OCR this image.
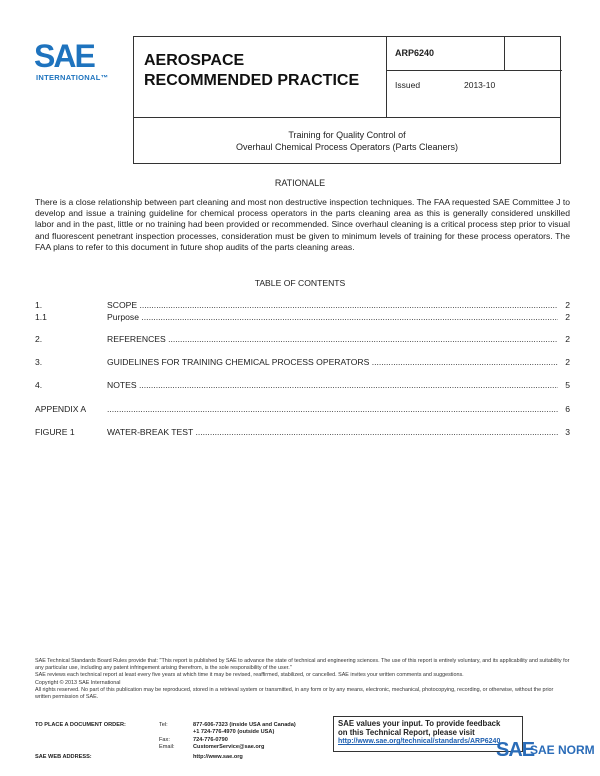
SAE
INTERNATIONAL™
AEROSPACE
RECOMMENDED PRACTICE
ARP6240
Issued	2013-10
Training for Quality Control of
Overhaul Chemical Process Operators (Parts Cleaners)
RATIONALE
There is a close relationship between part cleaning and most non destructive inspection techniques. The FAA requested SAE Committee J to develop and issue a training guideline for chemical process operators in the parts cleaning area as this is generally considered unskilled labor and in the past, little or no training had been provided or recommended. Since overhaul cleaning is a critical process step prior to visual and fluorescent penetrant inspection processes, consideration must be given to minimum levels of training for these process operators. The FAA plans to refer to this document in future shop audits of the parts cleaning areas.
TABLE OF CONTENTS
1.	SCOPE .....	2
1.1	Purpose .....	2
2.	REFERENCES .....	2
3.	GUIDELINES FOR TRAINING CHEMICAL PROCESS OPERATORS .....	2
4.	NOTES .....	5
APPENDIX A .....	6
FIGURE 1	WATER-BREAK TEST .....	3

SAE Technical Standards Board Rules provide that: "This report is published by SAE to advance the state of technical and engineering sciences. The use of this report is entirely voluntary, and its applicability and suitability for any particular use, including any patent infringement arising therefrom, is the sole responsibility of the user."

SAE reviews each technical report at least every five years at which time it may be revised, reaffirmed, stabilized, or cancelled. SAE invites your written comments and suggestions.

Copyright © 2013 SAE International

All rights reserved. No part of this publication may be reproduced, stored in a retrieval system or transmitted, in any form or by any means, electronic, mechanical, photocopying, recording, or otherwise, without the prior written permission of SAE.

TO PLACE A DOCUMENT ORDER:	Tel:	877-606-7323 (inside USA and Canada)
+1 724-776-4970 (outside USA)
Fax:	724-776-0790
Email:	CustomerService@sae.org
SAE WEB ADDRESS:	http://www.sae.org
SAE values your input. To provide feedback
on this Technical Report, please visit
http://www.sae.org/technical/standards/ARP6240
SAE
SAE NORM
